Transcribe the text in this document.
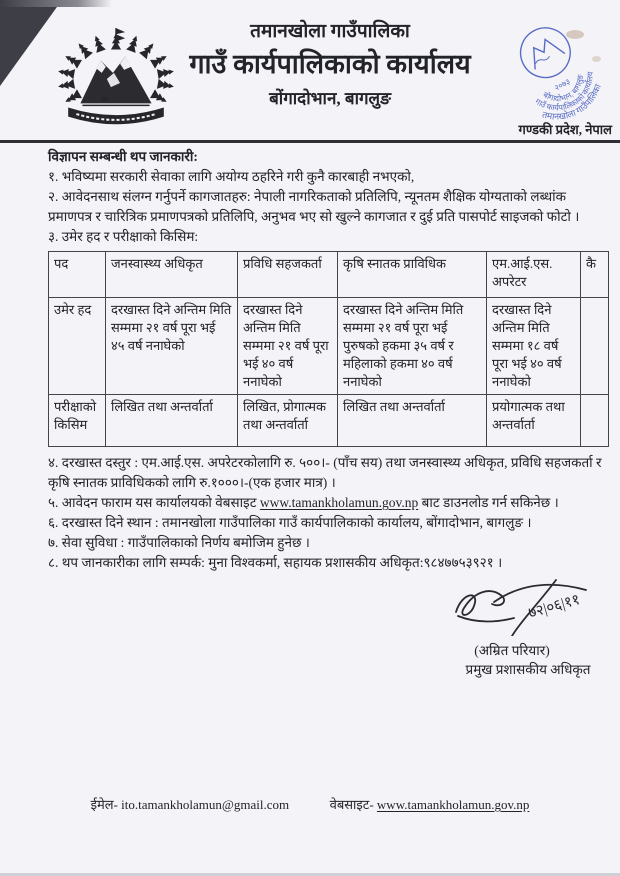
तमानखोला गाउँपालिका
गाउँ कार्यपालिकाको कार्यालय
बोंगादोभान, बागलुङ
तमानखोला गाउँपालिका
गाउँ कार्यपालिकाको कार्यालय
बोगादोभान, बागलुङ
२०७३
गण्डकी प्रदेश, नेपाल

विज्ञापन सम्बन्धी थप जानकारी:

१. भविष्यमा सरकारी सेवाका लागि अयोग्य ठहरिने गरी कुनै कारबाही नभएको,

२. आवेदनसाथ संलग्न गर्नुपर्ने कागजातहरु: नेपाली नागरिकताको प्रतिलिपि, न्यूनतम शैक्षिक योग्यताको लब्धांक प्रमाणपत्र र चारित्रिक प्रमाणपत्रको प्रतिलिपि, अनुभव भए सो खुल्ने कागजात र दुई प्रति पासपोर्ट साइजको फोटो ।

३. उमेर हद र परीक्षाको किसिम:

पद	जनस्वास्थ्य अधिकृत	प्रविधि सहजकर्ता	कृषि स्नातक प्राविधिक	एम.आई.एस. अपरेटर	कै
उमेर हद	दरखास्त दिने अन्तिम मिति सम्ममा २१ वर्ष पूरा भई ४५ वर्ष ननाघेको	दरखास्त दिने अन्तिम मिति सम्ममा २१ वर्ष पूरा भई ४० वर्ष ननाघेको	दरखास्त दिने अन्तिम मिति सम्ममा २१ वर्ष पूरा भई पुरुषको हकमा ३५ वर्ष र महिलाको हकमा ४० वर्ष ननाघेको	दरखास्त दिने अन्तिम मिति सम्ममा १८ वर्ष पूरा भई ४० वर्ष ननाघेको	
परीक्षाको किसिम	लिखित तथा अन्तर्वार्ता	लिखित, प्रोगात्मक तथा अन्तर्वार्ता	लिखित तथा अन्तर्वार्ता	प्रयोगात्मक तथा अन्तर्वार्ता	

४. दरखास्त दस्तुर : एम.आई.एस. अपरेटरकोलागि रु. ५००।- (पाँच सय) तथा जनस्वास्थ्य अधिकृत, प्रविधि सहजकर्ता र कृषि स्नातक प्राविधिकको लागि रु.१०००।-(एक हजार मात्र) ।

५. आवेदन फाराम यस कार्यालयको वेबसाइट www.tamankholamun.gov.np बाट डाउनलोड गर्न सकिनेछ ।

६. दरखास्त दिने स्थान : तमानखोला गाउँपालिका गाउँ कार्यपालिकाको कार्यालय, बोंगादोभान, बागलुङ ।

७. सेवा सुविधा : गाउँपालिकाको निर्णय बमोजिम हुनेछ ।

८. थप जानकारीका लागि सम्पर्क: मुना विश्वकर्मा, सहायक प्रशासकीय अधिकृत:९८४७७५३९२१ ।

७२|०६|११
(अम्रित परियार)
प्रमुख प्रशासकीय अधिकृत
ईमेल- ito.tamankholamun@gmail.com	वेबसाइट- www.tamankholamun.gov.np
